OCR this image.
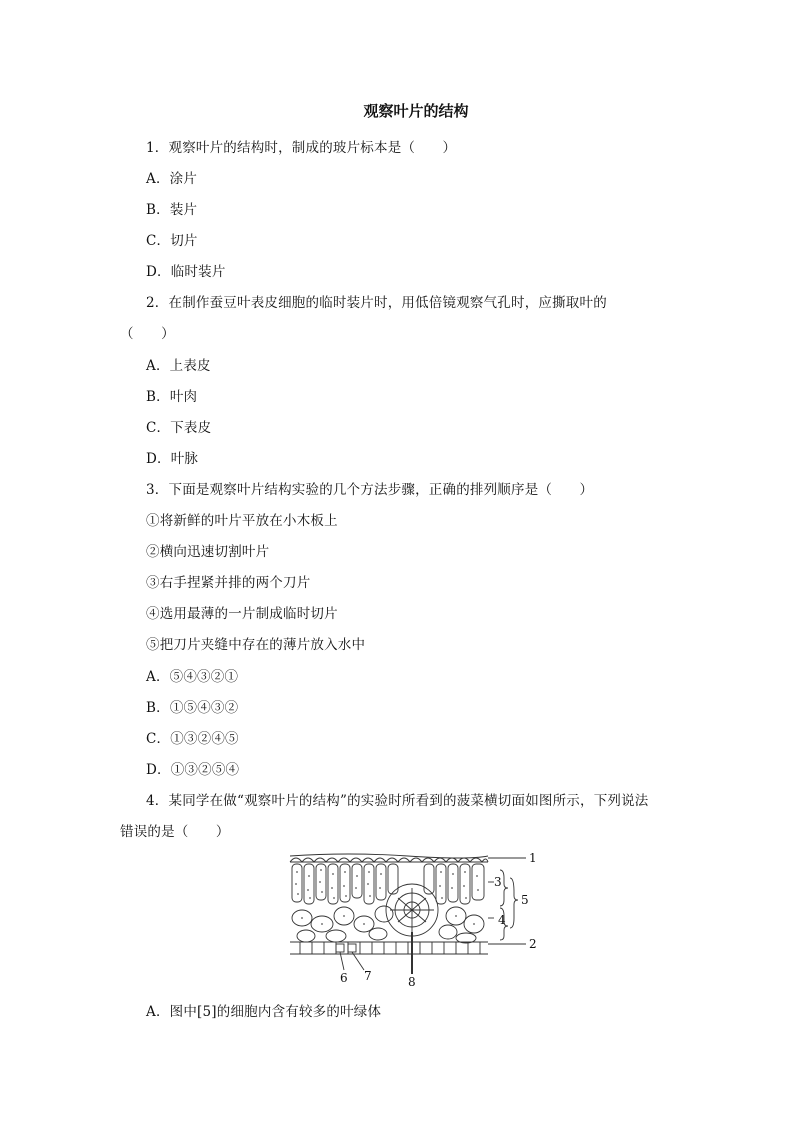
观察叶片的结构
1．观察叶片的结构时，制成的玻片标本是（　　）
A．涂片
B．装片
C．切片
D．临时装片
2．在制作蚕豆叶表皮细胞的临时装片时，用低倍镜观察气孔时，应撕取叶的
（　　）
A．上表皮
B．叶肉
C．下表皮
D．叶脉
3．下面是观察叶片结构实验的几个方法步骤，正确的排列顺序是（　　）
①将新鲜的叶片平放在小木板上
②横向迅速切割叶片
③右手捏紧并排的两个刀片
④选用最薄的一片制成临时切片
⑤把刀片夹缝中存在的薄片放入水中
A．⑤④③②①
B．①⑤④③②
C．①③②④⑤
D．①③②⑤④
4．某同学在做“观察叶片的结构”的实验时所看到的菠菜横切面如图所示，下列说法
错误的是（　　）
1
2
3
4
5
6 7	8
A．图中[5]的细胞内含有较多的叶绿体
